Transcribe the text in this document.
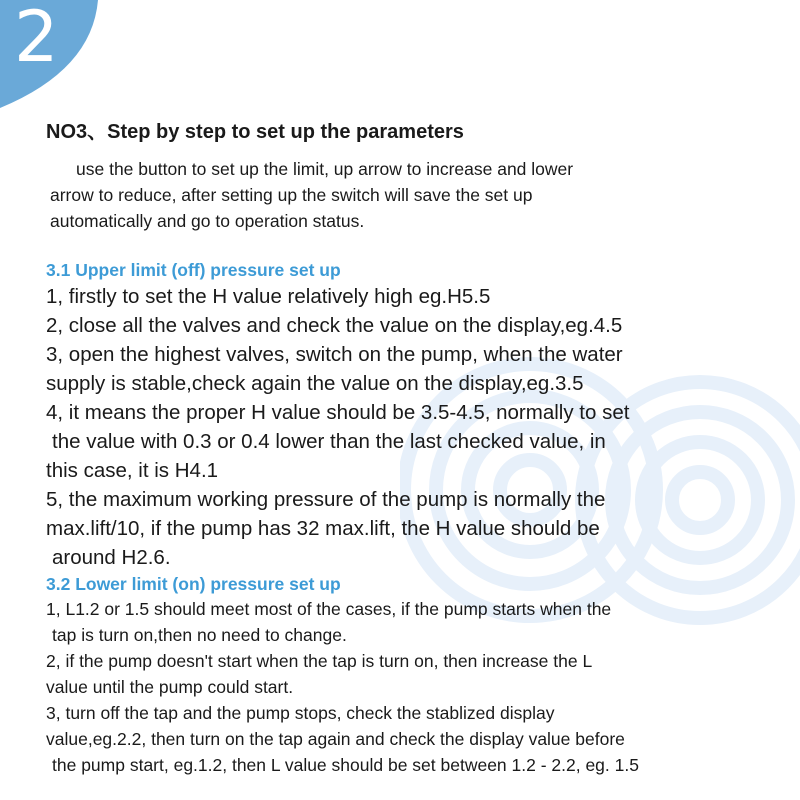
2
NO3、Step by step to set up the parameters
use the button to set up the limit, up arrow to increase and lower
arrow to reduce, after setting up the switch will save the set up
automatically and go to operation status.
3.1 Upper limit (off) pressure set up

1, firstly to set the H value relatively high eg.H5.5

2, close all the valves and check the value on the display,eg.4.5

3, open the highest valves, switch on the pump, when the water

supply is stable,check again the value on the display,eg.3.5

4, it means the proper H value should be 3.5-4.5, normally to set

the value with 0.3 or 0.4 lower than the last checked value, in

this case, it is H4.1

5, the maximum working pressure of the pump is normally the

max.lift/10, if the pump has 32 max.lift, the H value should be

around H2.6.

3.2 Lower limit (on) pressure set up

1, L1.2 or 1.5 should meet most of the cases, if the pump starts when the

tap is turn on,then no need to change.

2, if the pump doesn't start when the tap is turn on, then increase the L

value until the pump could start.

3, turn off the tap and the pump stops, check the stablized display

value,eg.2.2, then turn on the tap again and check the display value before

the pump start, eg.1.2, then L value should be set between 1.2 - 2.2, eg. 1.5
